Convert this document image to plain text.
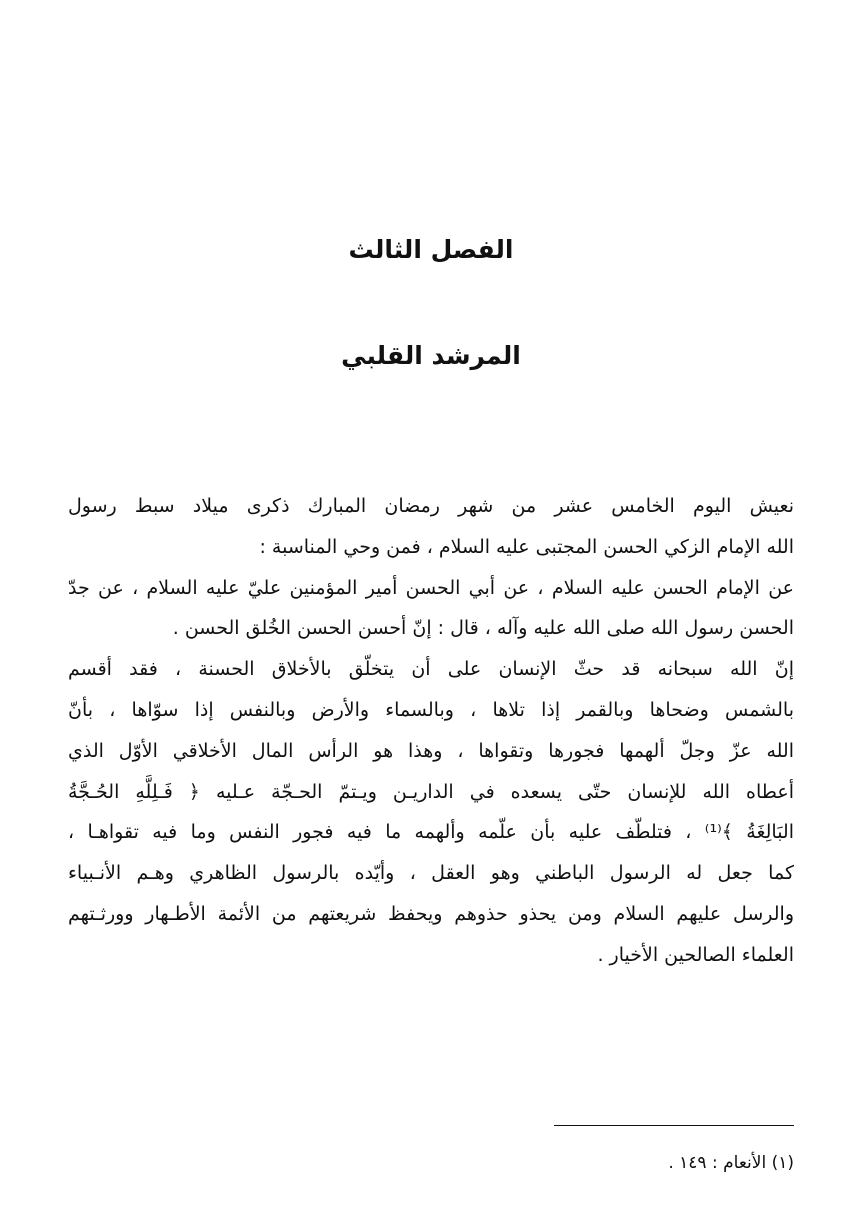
الفصل الثالث
المرشد القلبي
نعيش اليوم الخامس عشر من شهر رمضان المبارك ذكرى ميلاد سبط رسول
الله الإمام الزكي الحسن المجتبى عليه السلام ، فمن وحي المناسبة :
عن الإمام الحسن عليه السلام ، عن أبي الحسن أمير المؤمنين عليّ عليه السلام ، عن جدّ
الحسن رسول الله صلى الله عليه وآله ، قال : إنّ أحسن الحسن الخُلق الحسن .
إنّ الله سبحانه قد حثّ الإنسان على أن يتخلّق بالأخلاق الحسنة ، فقد أقسم
بالشمس وضحاها وبالقمر إذا تلاها ، وبالسماء والأرض وبالنفس إذا سوّاها ، بأنّ
الله عزّ وجلّ ألهمها فجورها وتقواها ، وهذا هو الرأس المال الأخلاقي الأوّل الذي
أعطاه الله للإنسان حتّى يسعده في الداريـن ويـتمّ الحـجّة عـليه ﴿ فَـلِلَّهِ الحُـجَّةُ
البَالِغَةُ ﴾⁽¹⁾ ، فتلطّف عليه بأن علّمه وألهمه ما فيه فجور النفس وما فيه تقواهـا ،
كما جعل له الرسول الباطني وهو العقل ، وأيّده بالرسول الظاهري وهـم الأنـبياء
والرسل عليهم السلام ومن يحذو حذوهم ويحفظ شريعتهم من الأئمة الأطـهار وورثـتهم
العلماء الصالحين الأخيار .
(١) الأنعام : ١٤٩ .
